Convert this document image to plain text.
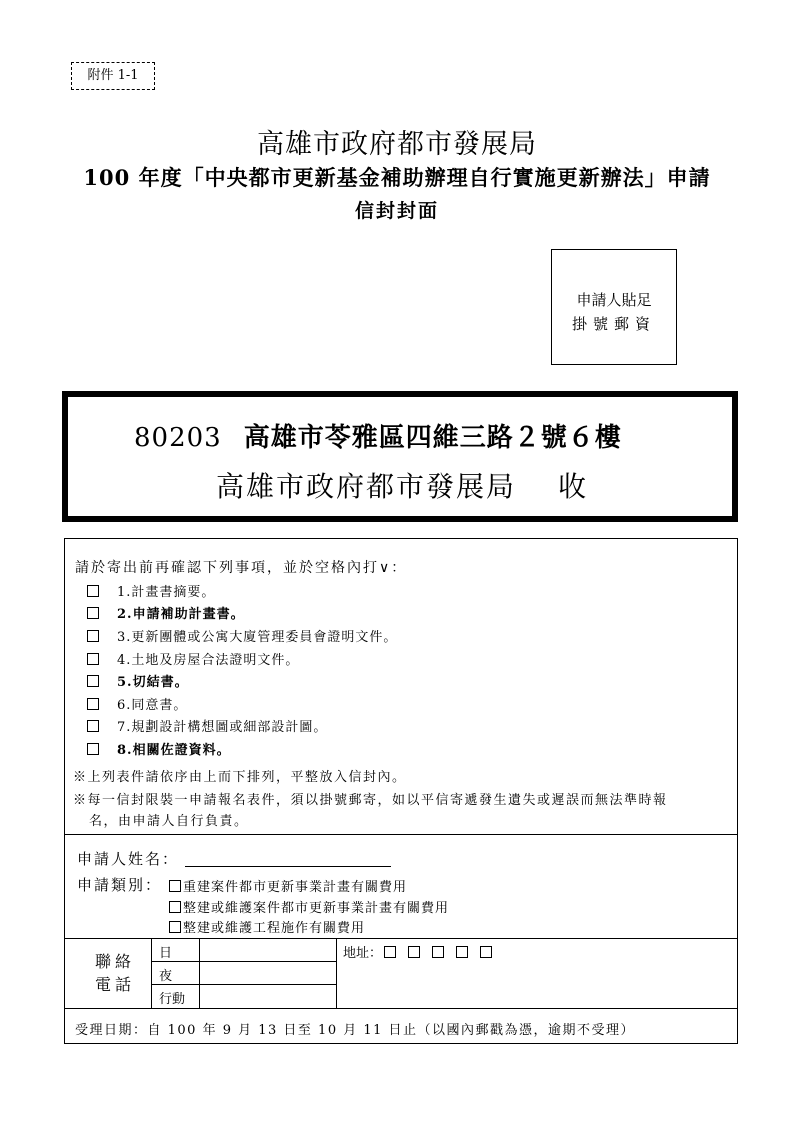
附件 1-1
高雄市政府都市發展局
100 年度「中央都市更新基金補助辦理自行實施更新辦法」申請
信封封面
申請人貼足
掛號郵資
80203 高雄市苓雅區四維三路２號６樓
高雄市政府都市發展局 收
請於寄出前再確認下列事項，並於空格內打∨：
1.計畫書摘要。
2.申請補助計畫書。
3.更新團體或公寓大廈管理委員會證明文件。
4.土地及房屋合法證明文件。
5.切結書。
6.同意書。
7.規劃設計構想圖或細部設計圖。
8.相關佐證資料。
※上列表件請依序由上而下排列，平整放入信封內。
※每一信封限裝一申請報名表件，須以掛號郵寄，如以平信寄遞發生遺失或遲誤而無法準時報
名，由申請人自行負責。
申請人姓名：
申請類別： 重建案件都市更新事業計畫有關費用
整建或維護案件都市更新事業計畫有關費用
整建或維護工程施作有關費用
聯絡
電話
日
夜
行動
地址：
受理日期：自 100 年 9 月 13 日至 10 月 11 日止（以國內郵戳為憑，逾期不受理）
